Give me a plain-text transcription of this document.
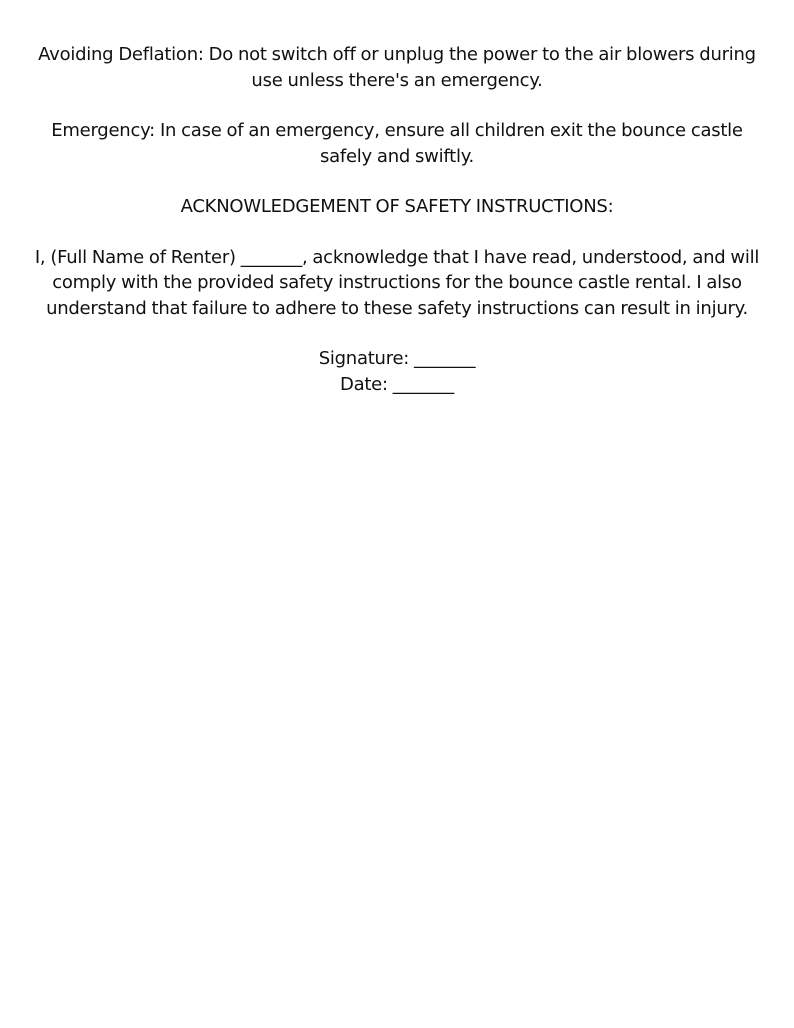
Avoiding Deflation: Do not switch off or unplug the power to the air blowers during
use unless there's an emergency.

Emergency: In case of an emergency, ensure all children exit the bounce castle
safely and swiftly.

ACKNOWLEDGEMENT OF SAFETY INSTRUCTIONS:

I, (Full Name of Renter) _______, acknowledge that I have read, understood, and will
comply with the provided safety instructions for the bounce castle rental. I also
understand that failure to adhere to these safety instructions can result in injury.

Signature: _______
Date: _______
